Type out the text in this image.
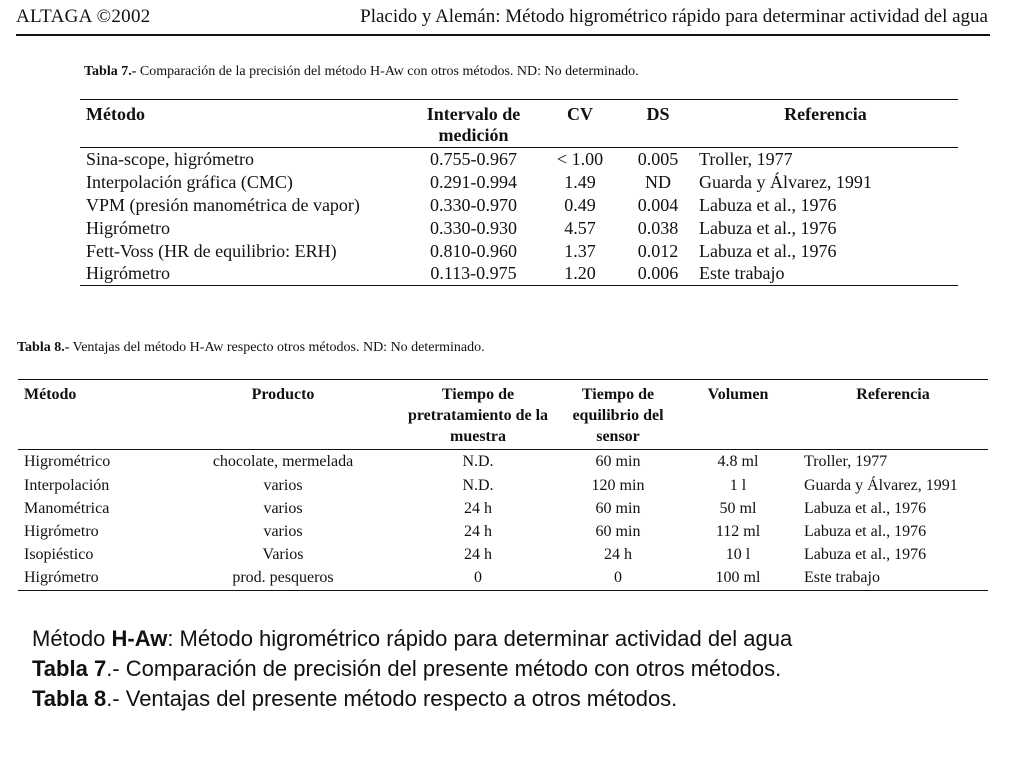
ALTAGA ©2002	Placido y Alemán: Método higrométrico rápido para determinar actividad del agua
Tabla 7.- Comparación de la precisión del método H-Aw con otros métodos. ND: No determinado.
Método	Intervalo de medición	CV	DS	Referencia
Sina-scope, higrómetro	0.755-0.967	< 1.00	0.005	Troller, 1977
Interpolación gráfica (CMC)	0.291-0.994	1.49	ND	Guarda y Álvarez, 1991
VPM (presión manométrica de vapor)	0.330-0.970	0.49	0.004	Labuza et al., 1976
Higrómetro	0.330-0.930	4.57	0.038	Labuza et al., 1976
Fett-Voss (HR de equilibrio: ERH)	0.810-0.960	1.37	0.012	Labuza et al., 1976
Higrómetro	0.113-0.975	1.20	0.006	Este trabajo
Tabla 8.- Ventajas del método H-Aw respecto otros métodos. ND: No determinado.
Método	Producto	Tiempo de pretratamiento de la muestra	Tiempo de equilibrio del sensor	Volumen	Referencia
Higrométrico	chocolate, mermelada	N.D.	60 min	4.8 ml	Troller, 1977
Interpolación	varios	N.D.	120 min	1 l	Guarda y Álvarez, 1991
Manométrica	varios	24 h	60 min	50 ml	Labuza et al., 1976
Higrómetro	varios	24 h	60 min	112 ml	Labuza et al., 1976
Isopiéstico	Varios	24 h	24 h	10 l	Labuza et al., 1976
Higrómetro	prod. pesqueros	0	0	100 ml	Este trabajo
Método H-Aw: Método higrométrico rápido para determinar actividad del agua
Tabla 7.- Comparación de precisión del presente método con otros métodos.
Tabla 8.- Ventajas del presente método respecto a otros métodos.
